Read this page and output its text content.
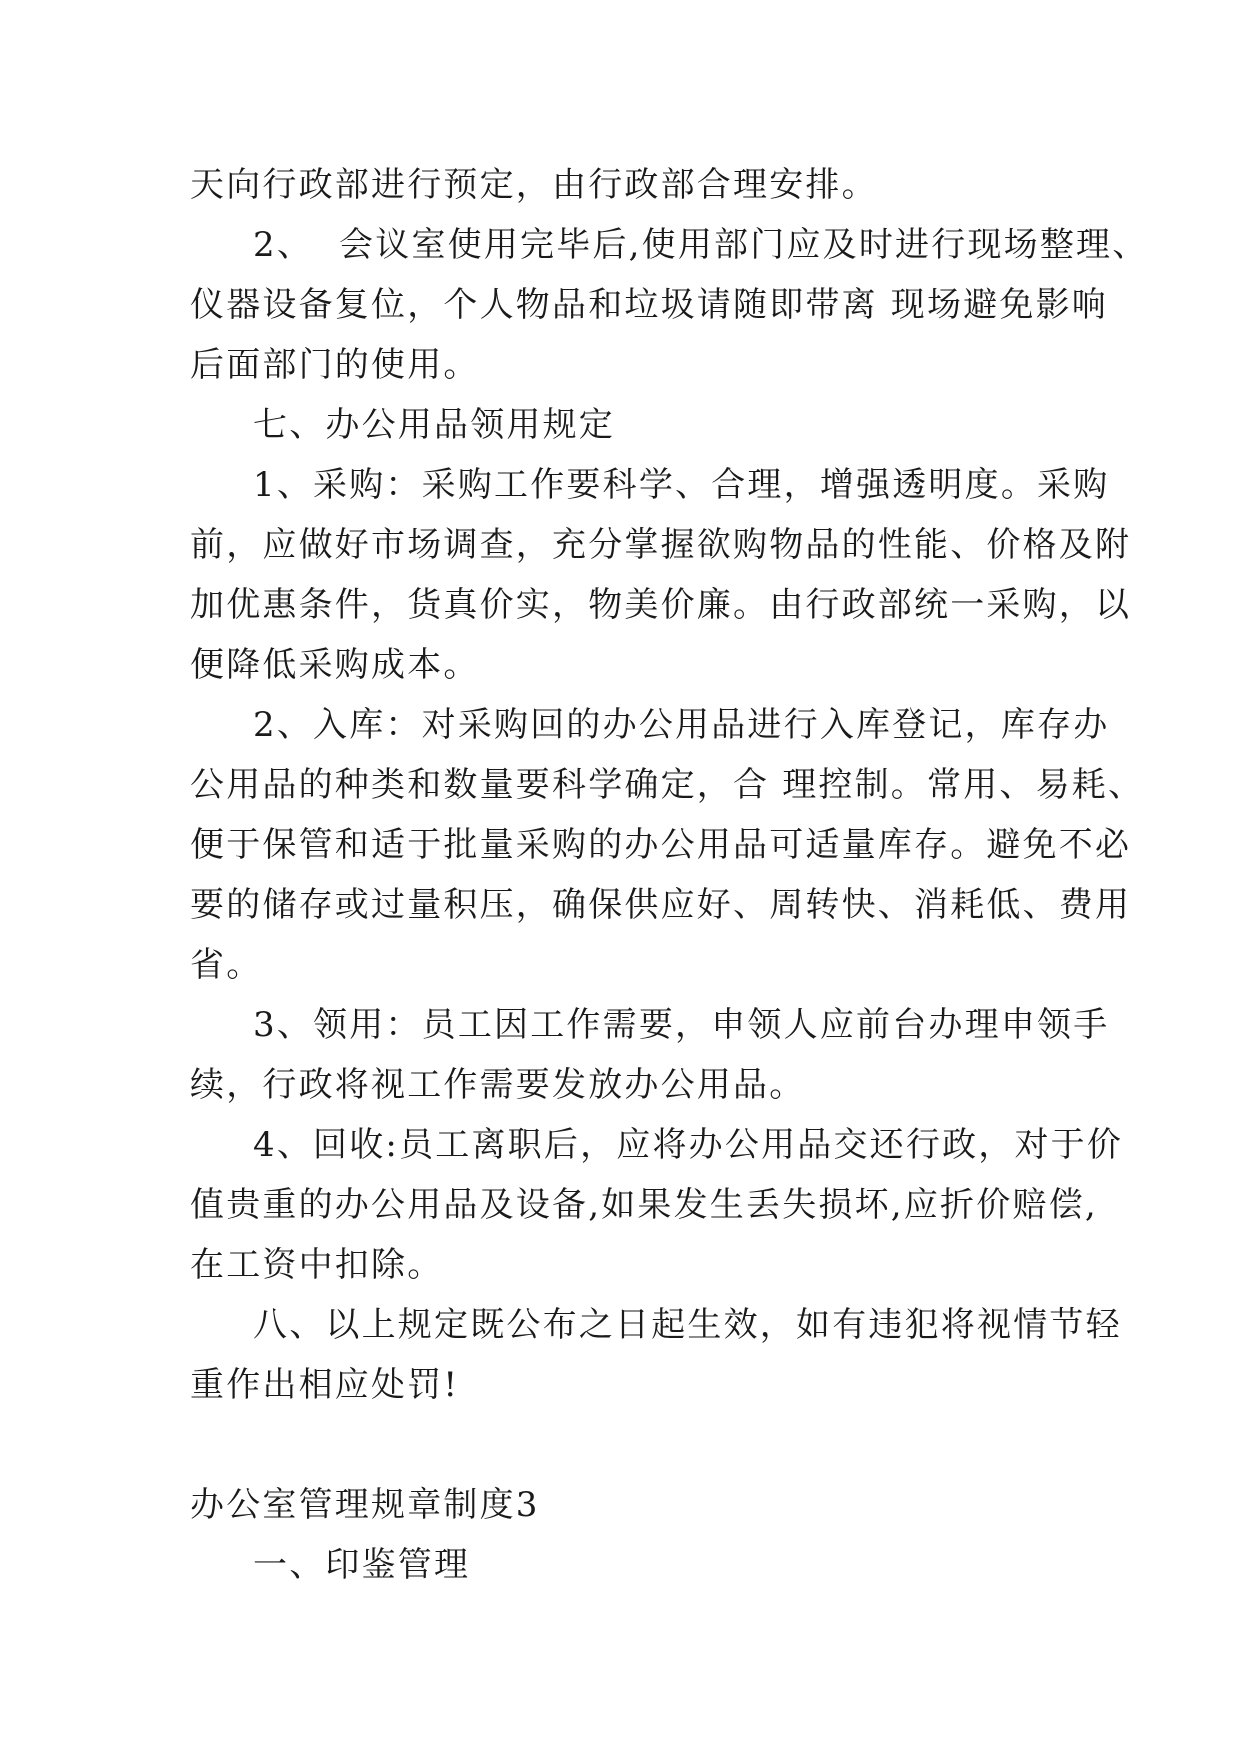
天向行政部进行预定，由行政部合理安排。
2、  会议室使用完毕后,使用部门应及时进行现场整理、
仪器设备复位，个人物品和垃圾请随即带离 现场避免影响
后面部门的使用。
七、办公用品领用规定
1、采购：采购工作要科学、合理，增强透明度。采购
前，应做好市场调查，充分掌握欲购物品的性能、价格及附
加优惠条件，货真价实，物美价廉。由行政部统一采购，以
便降低采购成本。
2、入库：对采购回的办公用品进行入库登记，库存办
公用品的种类和数量要科学确定，合 理控制。常用、易耗、
便于保管和适于批量采购的办公用品可适量库存。避免不必
要的储存或过量积压，确保供应好、周转快、消耗低、费用
省。
3、领用：员工因工作需要，申领人应前台办理申领手
续，行政将视工作需要发放办公用品。
4、回收:员工离职后，应将办公用品交还行政，对于价
值贵重的办公用品及设备,如果发生丢失损坏,应折价赔偿,
在工资中扣除。
八、以上规定既公布之日起生效，如有违犯将视情节轻
重作出相应处罚!
办公室管理规章制度3
一、印鉴管理
